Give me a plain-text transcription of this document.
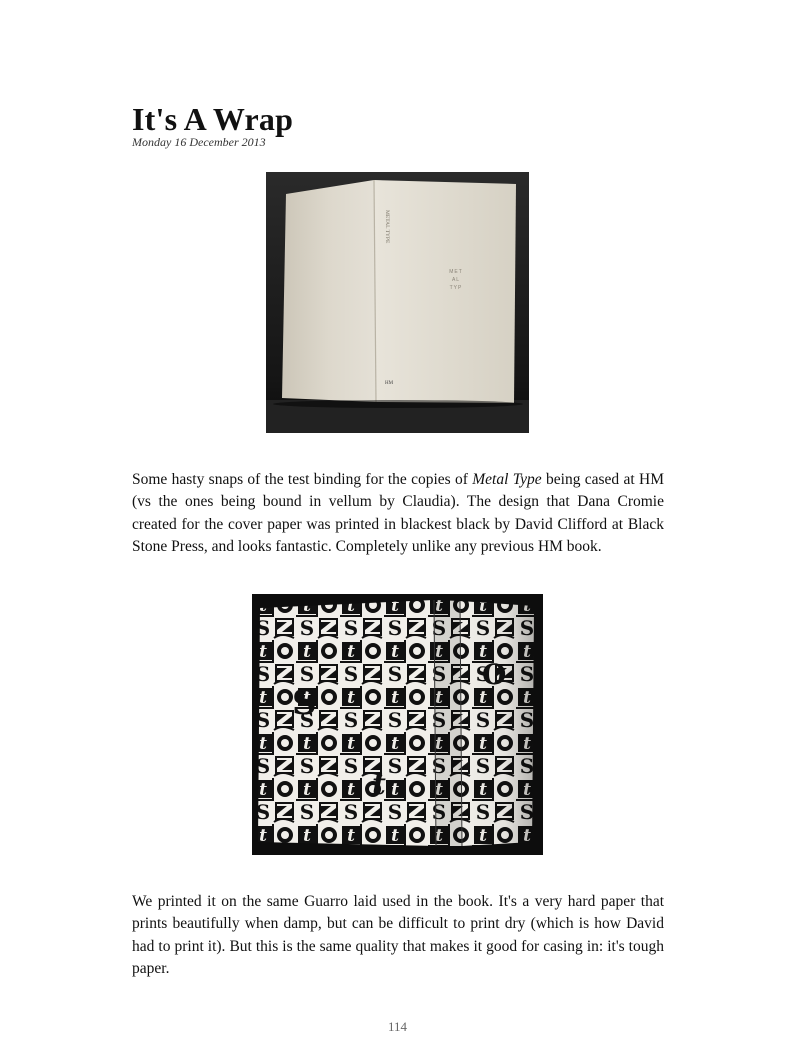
It's A Wrap
Monday 16 December 2013
METAL TYPE
HM
MET
AL
TYP

Some hasty snaps of the test binding for the copies of Metal Type being cased at HM (vs the ones being bound in vellum by Claudia). The design that Dana Cromie created for the cover paper was printed in blackest black by David Clifford at Black Stone Press, and looks fantastic. Completely unlike any previous HM book.

S
t
O

We printed it on the same Guarro laid used in the book. It's a very hard paper that prints beautifully when damp, but can be difficult to print dry (which is how David had to print it). But this is the same quality that makes it good for casing in: it's tough paper.

114
